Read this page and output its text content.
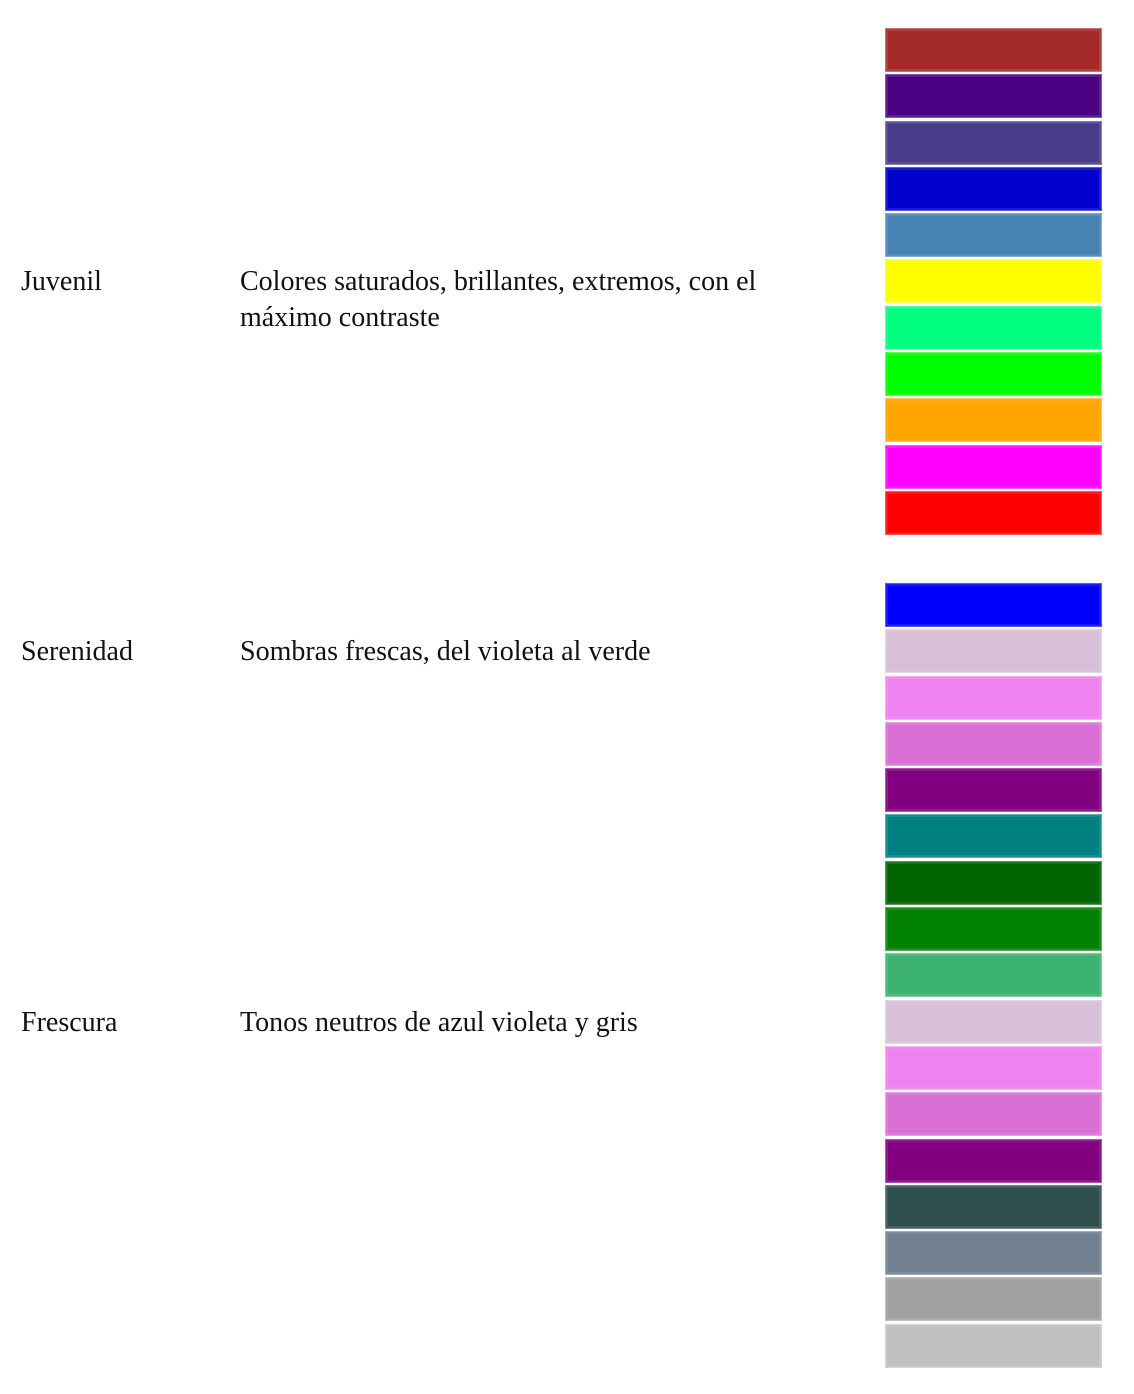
Juvenil	Colores saturados, brillantes, extremos, con el máximo contraste
Serenidad	Sombras frescas, del violeta al verde
Frescura	Tonos neutros de azul violeta y gris
